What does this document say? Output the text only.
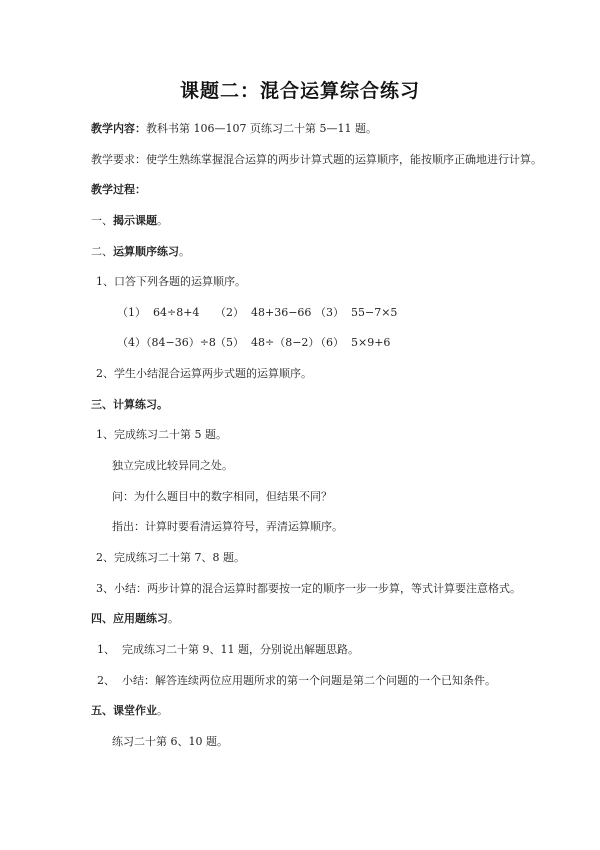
课题二：混合运算综合练习
教学内容：教科书第 106—107 页练习二十第 5—11 题。
教学要求：使学生熟练掌握混合运算的两步计算式题的运算顺序，能按顺序正确地进行计算。
教学过程：
一、揭示课题。
二、运算顺序练习。
1、口答下列各题的运算顺序。
（1）  64÷8+4 （2）  48+36−66 （3）  55−7×5
（4）（84−36）÷8（5）  48÷（8−2）（6）  5×9+6
2、学生小结混合运算两步式题的运算顺序。
三、计算练习。
1、完成练习二十第 5 题。
独立完成比较异同之处。
问：为什么题目中的数字相同，但结果不同？
指出：计算时要看清运算符号，弄清运算顺序。
2、完成练习二十第 7、8 题。
3、小结：两步计算的混合运算时都要按一定的顺序一步一步算，等式计算要注意格式。
四、应用题练习。
1、  完成练习二十第 9、11 题，分别说出解题思路。
2、  小结：解答连续两位应用题所求的第一个问题是第二个问题的一个已知条件。
五、课堂作业。
练习二十第 6、10 题。
